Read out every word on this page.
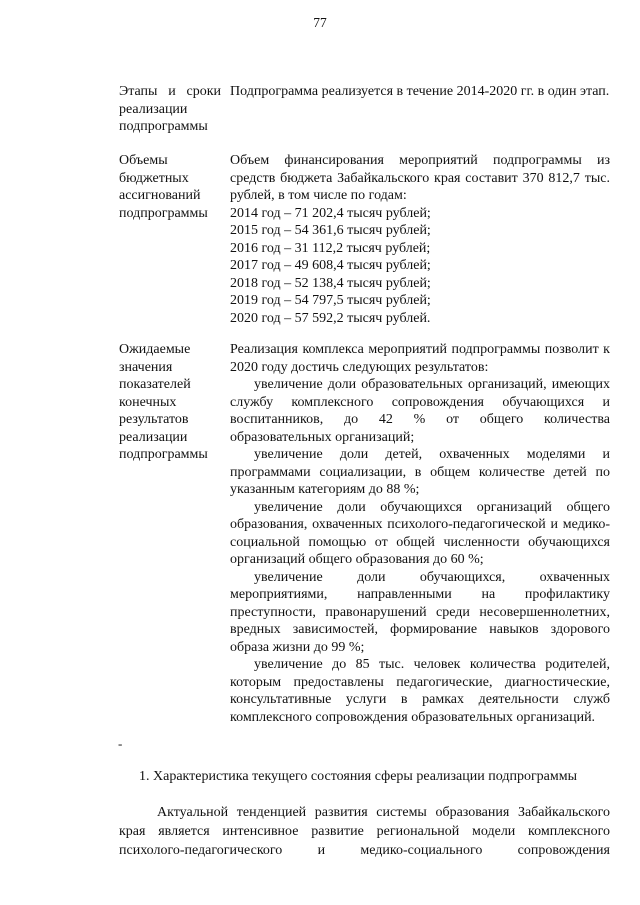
77
Этапы и сроки
реализации
подпрограммы
Подпрограмма реализуется в течение 2014-2020 гг. в один этап.
Объемы
бюджетных
ассигнований
подпрограммы

Объем финансирования мероприятий подпрограммы из средств бюджета Забайкальского края составит 370 812,7 тыс. рублей, в том числе по годам:

2014 год – 71 202,4 тысяч рублей;
2015 год – 54 361,6 тысяч рублей;
2016 год – 31 112,2 тысяч рублей;
2017 год – 49 608,4 тысяч рублей;
2018 год – 52 138,4 тысяч рублей;
2019 год – 54 797,5 тысяч рублей;
2020 год – 57 592,2 тысяч рублей.
Ожидаемые
значения
показателей
конечных
результатов
реализации
подпрограммы

Реализация комплекса мероприятий подпрограммы позволит к 2020 году достичь следующих результатов:

увеличение доли образовательных организаций, имеющих службу комплексного сопровождения обучающихся и воспитанников, до 42 % от общего количества образовательных организаций;

увеличение доли детей, охваченных моделями и программами социализации, в общем количестве детей по указанным категориям до 88 %;

увеличение доли обучающихся организаций общего образования, охваченных психолого-педагогической и медико-социальной помощью от общей численности обучающихся организаций общего образования до 60 %;

увеличение доли обучающихся, охваченных мероприятиями, направленными на профилактику преступности, правонарушений среди несовершеннолетних, вредных зависимостей, формирование навыков здорового образа жизни до 99 %;

увеличение до 85 тыс. человек количества родителей, которым предоставлены педагогические, диагностические, консультативные услуги в рамках деятельности служб комплексного сопровождения образовательных организаций.

-
1. Характеристика текущего состояния сферы реализации подпрограммы
Актуальной тенденцией развития системы образования Забайкальского
края является интенсивное развитие региональной модели комплексного
психолого-педагогического и медико-социального сопровождения
